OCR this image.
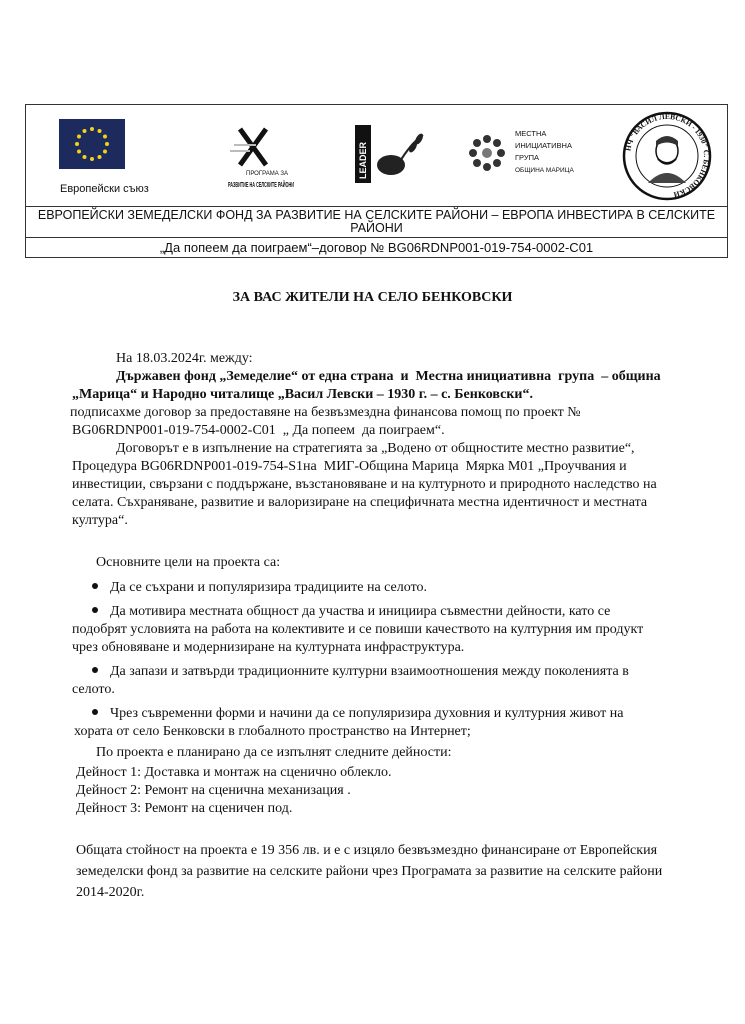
Европейски съюз
ПРОГРАМА ЗА
РАЗВИТИЕ НА СЕЛСКИТЕ РАЙОНИ
LEADER
МЕСТНА
ИНИЦИАТИВНА
ГРУПА
ОБЩИНА МАРИЦА
НЧ "ВАСИЛ ЛЕВСКИ - 1930" С. БЕНКОВСКИ
ЕВРОПЕЙСКИ ЗЕМЕДЕЛСКИ ФОНД ЗА РАЗВИТИЕ НА СЕЛСКИТЕ РАЙОНИ – ЕВРОПА ИНВЕСТИРА В СЕЛСКИТЕ РАЙОНИ
„Да попеем да поиграем“–договор № BG06RDNP001-019-754-0002-C01
ЗА ВАС ЖИТЕЛИ НА СЕЛО БЕНКОВСКИ
На 18.03.2024г. между:
Държавен фонд „Земеделие“ от една страна  и  Местна инициативна  група  – община
„Марица“ и Народно читалище „Васил Левски – 1930 г. – с. Бенковски“.
подписахме договор за предоставяне на безвъзмездна финансова помощ по проект №
BG06RDNP001-019-754-0002-C01  „ Да попеем  да поиграем“.
Договорът е в изпълнение на стратегията за „Водено от общностите местно развитие“,
Процедура BG06RDNP001-019-754-S1на  МИГ-Община Марица  Мярка М01 „Проучвания и
инвестиции, свързани с поддържане, възстановяване и на културното и природното наследство на
селата. Съхраняване, развитие и валоризиране на специфичната местна идентичност и местната
култура“.
Основните цели на проекта са:
Да се съхрани и популяризира традициите на селото.
Да мотивира местната общност да участва и инициира съвместни дейности, като се
подобрят условията на работа на колективите и се повиши качеството на културния им продукт
чрез обновяване и модернизиране на културната инфраструктура.
Да запази и затвърди традиционните културни взаимоотношения между поколенията в
селото.
Чрез съвременни форми и начини да се популяризира духовния и културния живот на
хората от село Бенковски в глобалното пространство на Интернет;
По проекта е планирано да се изпълнят следните дейности:
Дейност 1: Доставка и монтаж на сценично облекло.
Дейност 2: Ремонт на сценична механизация .
Дейност 3: Ремонт на сценичен под.
Общата стойност на проекта е 19 356 лв. и е с изцяло безвъзмездно финансиране от Европейския
земеделски фонд за развитие на селските райони чрез Програмата за развитие на селските райони
2014-2020г.
